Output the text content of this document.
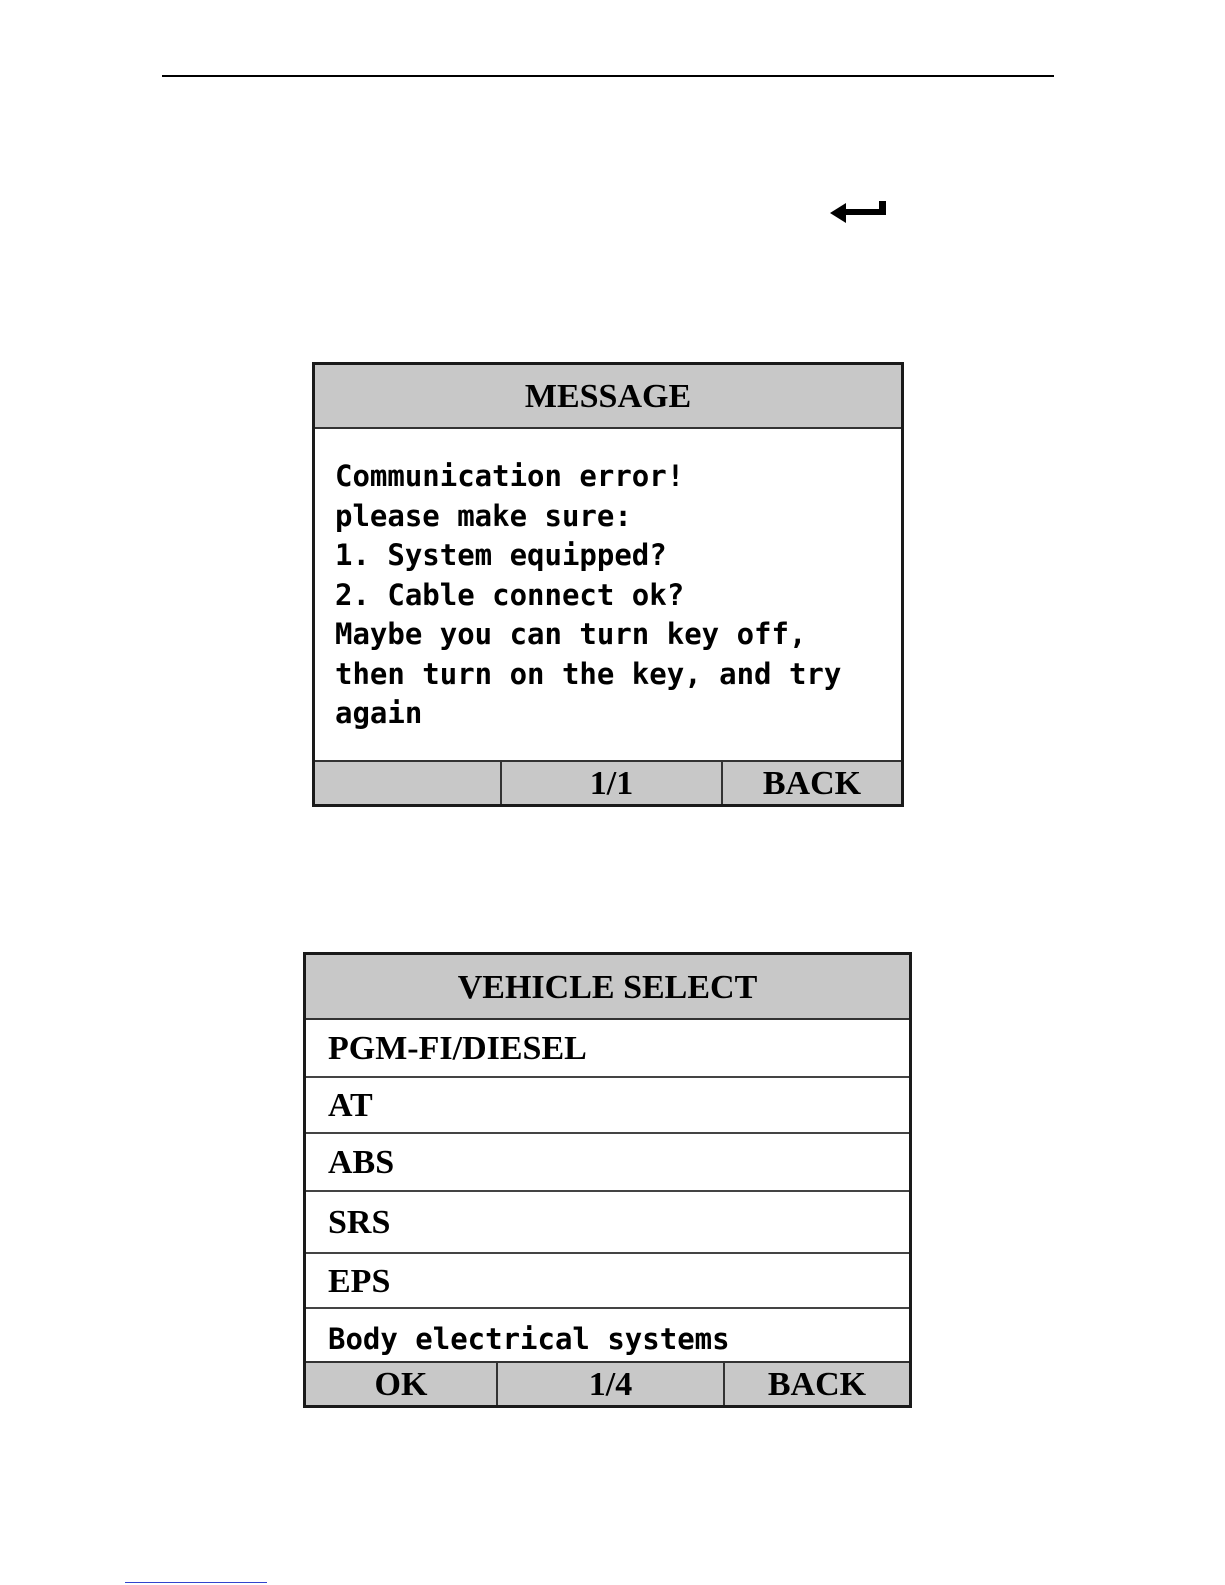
MESSAGE
Communication error!
please make sure:
1. System equipped?
2. Cable connect ok?
Maybe you can turn key off,
then turn on the key, and try
again
1/1	BACK
VEHICLE SELECT
PGM-FI/DIESEL
AT
ABS
SRS
EPS
Body electrical systems
OK	1/4	BACK
